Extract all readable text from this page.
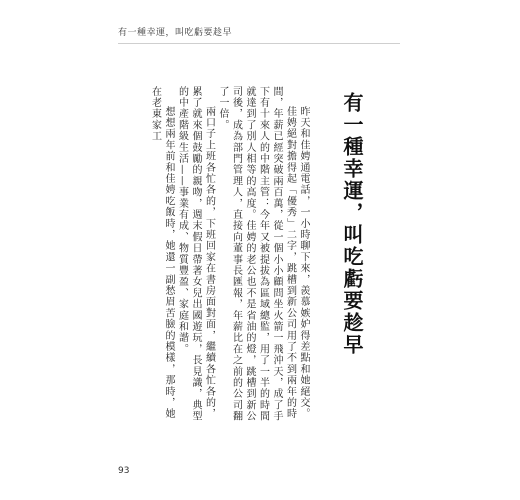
有一種幸運，叫吃虧要趁早
有一種幸運，叫吃虧要趁早

昨天和佳娉通電話，一小時聊下來，羨慕嫉妒得差點和她絕交。

佳娉絕對擔得起「優秀」二字，跳槽到新公司用了不到兩年的時間，年薪已經突破兩百萬，從一個小小顧問坐火箭一飛沖天，成了手下有十來人的中階主管：今年又被提拔為區域總監，用了一半的時間就達到了別人相等的高度。佳娉的老公也不是省油的燈，跳槽到新公司後，成為部門管理人，直接向董事長匯報，年薪比在之前的公司翻了一倍。

兩口子上班各忙各的，下班回家在書房面對面，繼續各忙各的，累了就來個鼓勵的親吻，週末假日帶著女兒出國遊玩，長見識，典型的中產階級生活——事業有成、物質豐盈、家庭和諧。

想想兩年前和佳娉吃飯時，她還一副愁眉苦臉的模樣，那時，她在老東家工

93
